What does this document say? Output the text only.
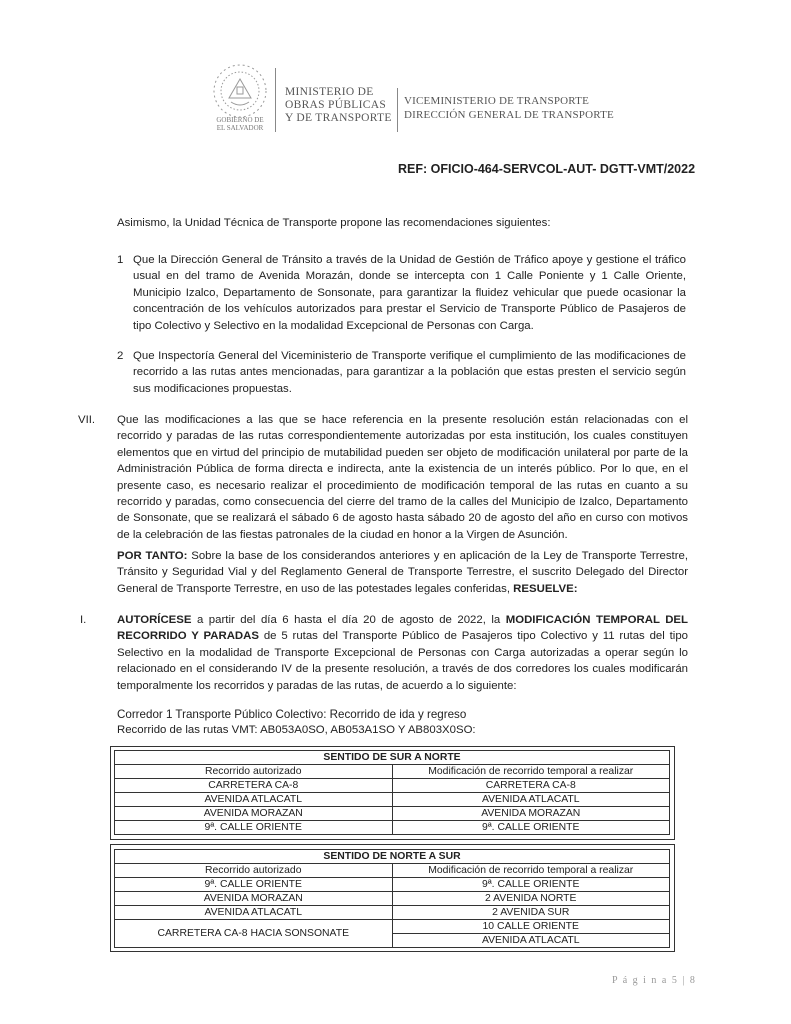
GOBIERNO DE
EL SALVADOR
MINISTERIO DE
OBRAS PÚBLICAS
Y DE TRANSPORTE
VICEMINISTERIO DE TRANSPORTE
DIRECCIÓN GENERAL DE TRANSPORTE
REF: OFICIO-464-SERVCOL-AUT- DGTT-VMT/2022
Asimismo, la Unidad Técnica de Transporte propone las recomendaciones siguientes:
1 Que la Dirección General de Tránsito a través de la Unidad de Gestión de Tráfico apoye y gestione el tráfico usual en del tramo de Avenida Morazán, donde se intercepta con 1 Calle Poniente y 1 Calle Oriente, Municipio Izalco, Departamento de Sonsonate, para garantizar la fluidez vehicular que puede ocasionar la concentración de los vehículos autorizados para prestar el Servicio de Transporte Público de Pasajeros de tipo Colectivo y Selectivo en la modalidad Excepcional de Personas con Carga.
2 Que Inspectoría General del Viceministerio de Transporte verifique el cumplimiento de las modificaciones de recorrido a las rutas antes mencionadas, para garantizar a la población que estas presten el servicio según sus modificaciones propuestas.
VII. Que las modificaciones a las que se hace referencia en la presente resolución están relacionadas con el recorrido y paradas de las rutas correspondientemente autorizadas por esta institución, los cuales constituyen elementos que en virtud del principio de mutabilidad pueden ser objeto de modificación unilateral por parte de la Administración Pública de forma directa e indirecta, ante la existencia de un interés público. Por lo que, en el presente caso, es necesario realizar el procedimiento de modificación temporal de las rutas en cuanto a su recorrido y paradas, como consecuencia del cierre del tramo de la calles del Municipio de Izalco, Departamento de Sonsonate, que se realizará el sábado 6 de agosto hasta sábado 20 de agosto del año en curso con motivos de la celebración de las fiestas patronales de la ciudad en honor a la Virgen de Asunción.
POR TANTO: Sobre la base de los considerandos anteriores y en aplicación de la Ley de Transporte Terrestre, Tránsito y Seguridad Vial y del Reglamento General de Transporte Terrestre, el suscrito Delegado del Director General de Transporte Terrestre, en uso de las potestades legales conferidas, RESUELVE:
I.	AUTORÍCESE a partir del día 6 hasta el día 20 de agosto de 2022, la MODIFICACIÓN TEMPORAL DEL RECORRIDO Y PARADAS de 5 rutas del Transporte Público de Pasajeros tipo Colectivo y 11 rutas del tipo Selectivo en la modalidad de Transporte Excepcional de Personas con Carga autorizadas a operar según lo relacionado en el considerando IV de la presente resolución, a través de dos corredores los cuales modificarán temporalmente los recorridos y paradas de las rutas, de acuerdo a lo siguiente:
Corredor 1 Transporte Público Colectivo: Recorrido de ida y regreso
Recorrido de las rutas VMT: AB053A0SO, AB053A1SO Y AB803X0SO:
SENTIDO DE SUR A NORTE	
Recorrido autorizado	Modificación de recorrido temporal a realizar
CARRETERA CA-8	CARRETERA CA-8
AVENIDA ATLACATL	AVENIDA ATLACATL
AVENIDA MORAZAN	AVENIDA MORAZAN
9ª. CALLE ORIENTE	9ª. CALLE ORIENTE
SENTIDO DE NORTE A SUR	
Recorrido autorizado	Modificación de recorrido temporal a realizar
9ª. CALLE ORIENTE	9ª. CALLE ORIENTE
AVENIDA MORAZAN	2 AVENIDA NORTE
AVENIDA ATLACATL	2 AVENIDA SUR
CARRETERA CA-8 HACIA SONSONATE	10 CALLE ORIENTE
	AVENIDA ATLACATL
P á g i n a 5 | 8
